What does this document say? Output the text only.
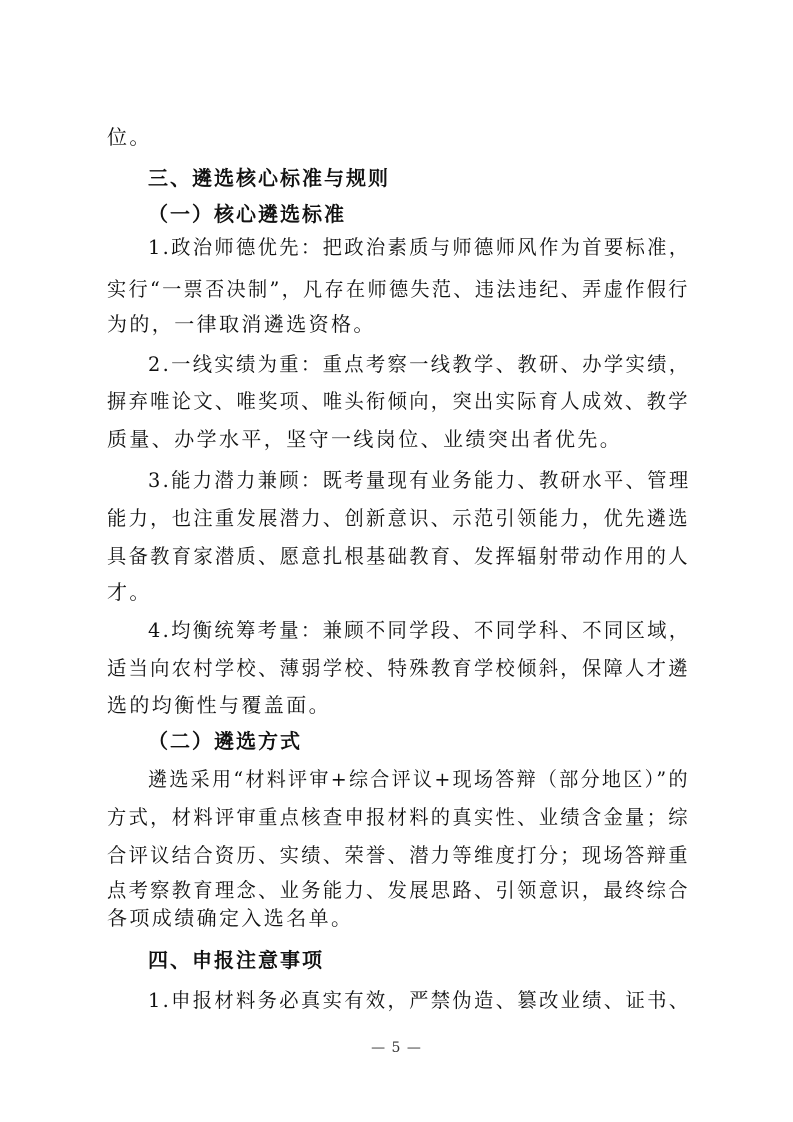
位。

三、遴选核心标准与规则

（一）核心遴选标准

1.政治师德优先：把政治素质与师德师风作为首要标准，

实行“一票否决制”，凡存在师德失范、违法违纪、弄虚作假行

为的，一律取消遴选资格。

2.一线实绩为重：重点考察一线教学、教研、办学实绩，

摒弃唯论文、唯奖项、唯头衔倾向，突出实际育人成效、教学

质量、办学水平，坚守一线岗位、业绩突出者优先。

3.能力潜力兼顾：既考量现有业务能力、教研水平、管理

能力，也注重发展潜力、创新意识、示范引领能力，优先遴选

具备教育家潜质、愿意扎根基础教育、发挥辐射带动作用的人

才。

4.均衡统筹考量：兼顾不同学段、不同学科、不同区域，

适当向农村学校、薄弱学校、特殊教育学校倾斜，保障人才遴

选的均衡性与覆盖面。

（二）遴选方式

遴选采用“材料评审+综合评议+现场答辩（部分地区）”的

方式，材料评审重点核查申报材料的真实性、业绩含金量；综

合评议结合资历、实绩、荣誉、潜力等维度打分；现场答辩重

点考察教育理念、业务能力、发展思路、引领意识，最终综合

各项成绩确定入选名单。

四、申报注意事项

1.申报材料务必真实有效，严禁伪造、篡改业绩、证书、

— 5 —
